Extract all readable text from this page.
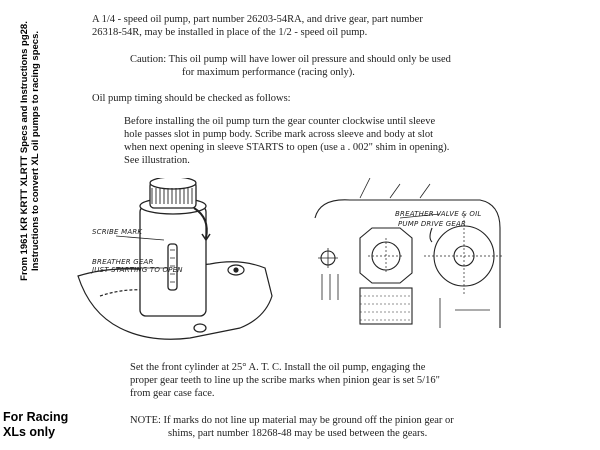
From 1961 KR KRTT XLRTT Specs and Instructions pg28. Instructions to convert XL oil pumps to racing specs.
For Racing
XLs only
A 1/4 - speed oil pump, part number 26203-54RA, and drive gear, part number
26318-54R, may be installed in place of the 1/2 - speed oil pump.
Caution: This oil pump will have lower oil pressure and should only be used
for maximum performance (racing only).
Oil pump timing should be checked as follows:
Before installing the oil pump turn the gear counter clockwise until sleeve
hole passes slot in pump body. Scribe mark across sleeve and body at slot
when next opening in sleeve STARTS to open (use a . 002" shim in opening).
See illustration.
SCRIBE MARK
BREATHER GEAR
JUST STARTING TO OPEN
BREATHER VALVE & OIL
PUMP DRIVE GEAR
Set the front cylinder at 25° A. T. C. Install the oil pump, engaging the
proper gear teeth to line up the scribe marks when pinion gear is set 5/16"
from gear case face.
NOTE: If marks do not line up material may be ground off the pinion gear or
shims, part number 18268-48 may be used between the gears.
